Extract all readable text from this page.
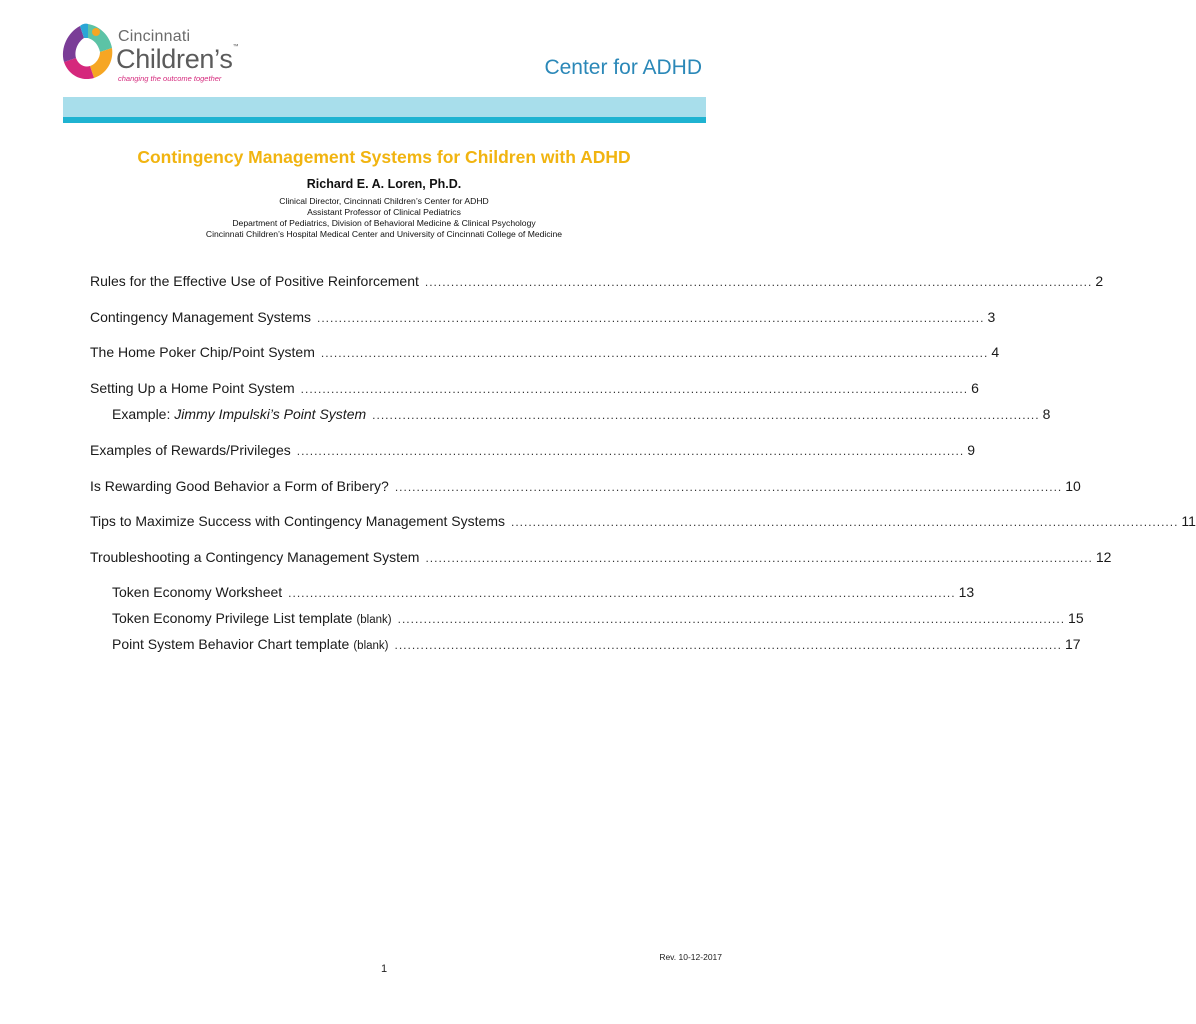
Cincinnati
Children’s™
changing the outcome together	Center for ADHD
Contingency Management Systems for Children with ADHD
Richard E. A. Loren, Ph.D.
Clinical Director, Cincinnati Children’s Center for ADHD
Assistant Professor of Clinical Pediatrics
Department of Pediatrics, Division of Behavioral Medicine & Clinical Psychology
Cincinnati Children’s Hospital Medical Center and University of Cincinnati College of Medicine
Rules for the Effective Use of Positive Reinforcement .......................................................................................................................................................... 2
Contingency Management Systems .......................................................................................................................................................... 3
The Home Poker Chip/Point System .......................................................................................................................................................... 4
Setting Up a Home Point System .......................................................................................................................................................... 6
Example: Jimmy Impulski’s Point System .......................................................................................................................................................... 8
Examples of Rewards/Privileges .......................................................................................................................................................... 9
Is Rewarding Good Behavior a Form of Bribery? .......................................................................................................................................................... 10
Tips to Maximize Success with Contingency Management Systems .......................................................................................................................................................... 11
Troubleshooting a Contingency Management System .......................................................................................................................................................... 12
Token Economy Worksheet .......................................................................................................................................................... 13
Token Economy Privilege List template (blank) .......................................................................................................................................................... 15
Point System Behavior Chart template (blank) .......................................................................................................................................................... 17
Rev. 10-12-2017
1
